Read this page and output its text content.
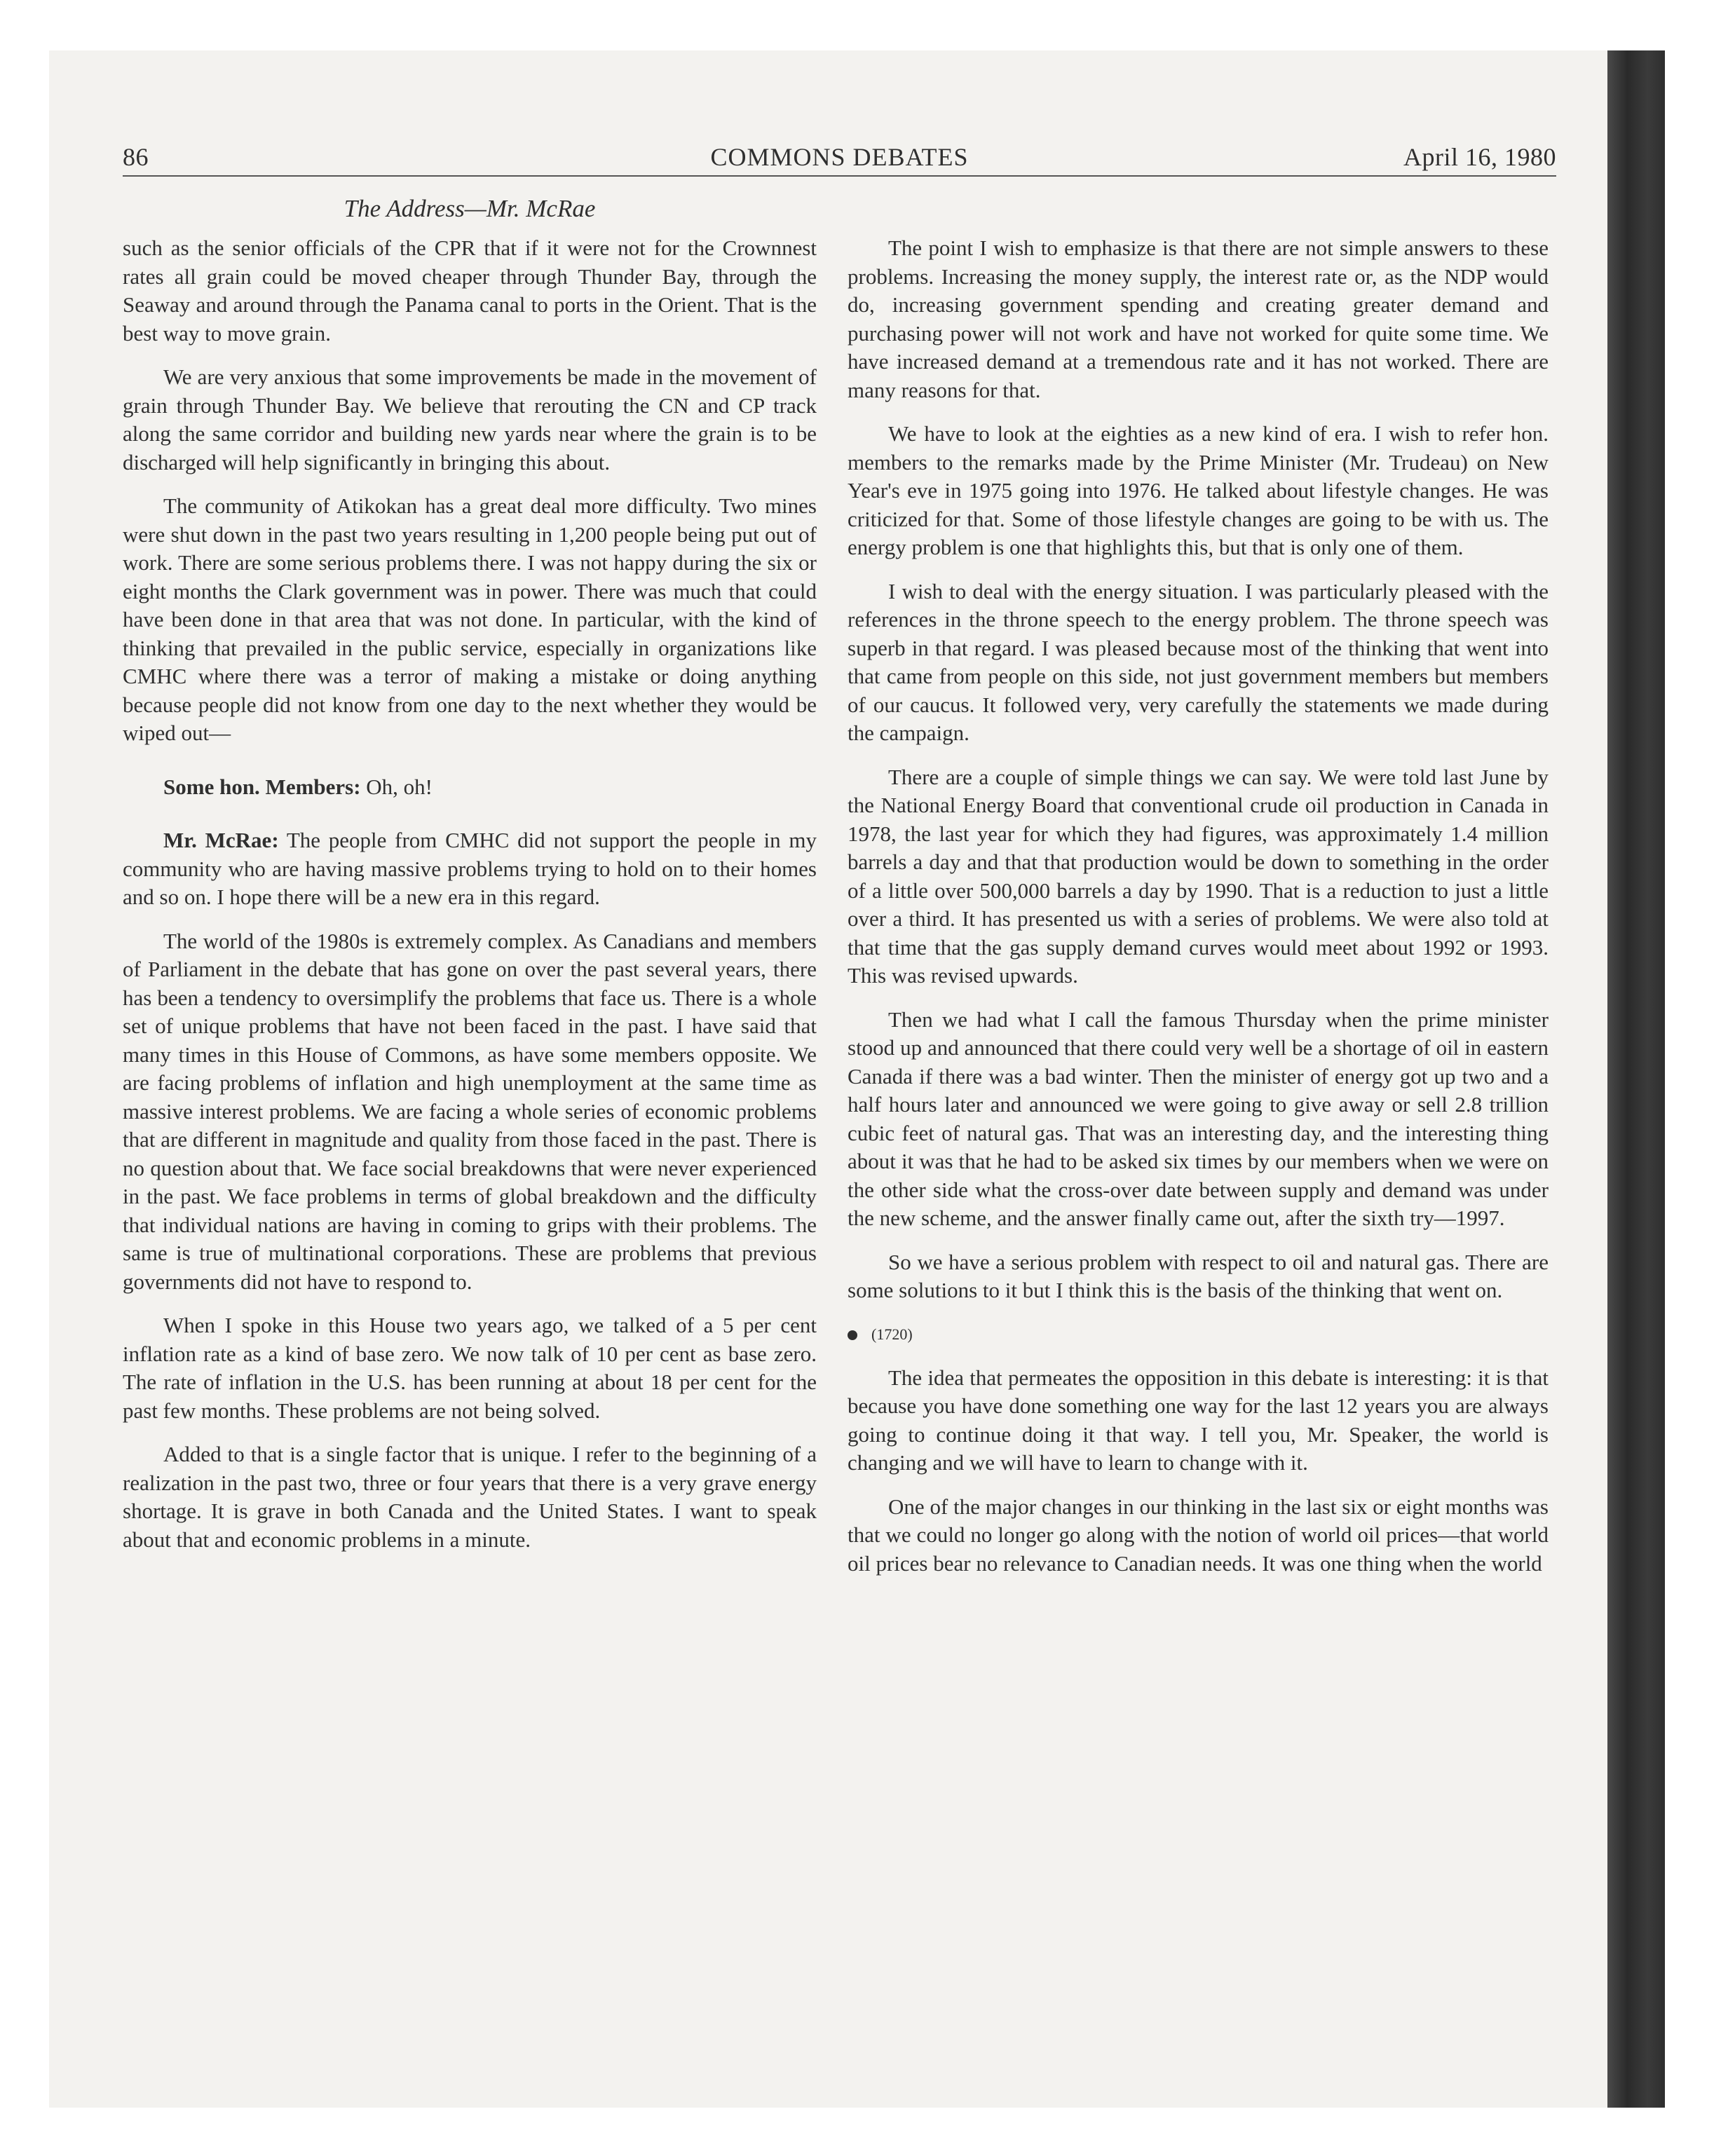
86	COMMONS DEBATES	April 16, 1980
The Address—Mr. McRae

such as the senior officials of the CPR that if it were not for the Crownnest rates all grain could be moved cheaper through Thunder Bay, through the Seaway and around through the Panama canal to ports in the Orient. That is the best way to move grain.

We are very anxious that some improvements be made in the movement of grain through Thunder Bay. We believe that rerouting the CN and CP track along the same corridor and building new yards near where the grain is to be discharged will help significantly in bringing this about.

The community of Atikokan has a great deal more difficulty. Two mines were shut down in the past two years resulting in 1,200 people being put out of work. There are some serious problems there. I was not happy during the six or eight months the Clark government was in power. There was much that could have been done in that area that was not done. In particular, with the kind of thinking that prevailed in the public service, especially in organizations like CMHC where there was a terror of making a mistake or doing anything because people did not know from one day to the next whether they would be wiped out—

Some hon. Members: Oh, oh!

Mr. McRae: The people from CMHC did not support the people in my community who are having massive problems trying to hold on to their homes and so on. I hope there will be a new era in this regard.

The world of the 1980s is extremely complex. As Canadians and members of Parliament in the debate that has gone on over the past several years, there has been a tendency to oversimplify the problems that face us. There is a whole set of unique problems that have not been faced in the past. I have said that many times in this House of Commons, as have some members opposite. We are facing problems of inflation and high unemployment at the same time as massive interest problems. We are facing a whole series of economic problems that are different in magnitude and quality from those faced in the past. There is no question about that. We face social breakdowns that were never experienced in the past. We face problems in terms of global breakdown and the difficulty that individual nations are having in coming to grips with their problems. The same is true of multinational corporations. These are problems that previous governments did not have to respond to.

When I spoke in this House two years ago, we talked of a 5 per cent inflation rate as a kind of base zero. We now talk of 10 per cent as base zero. The rate of inflation in the U.S. has been running at about 18 per cent for the past few months. These problems are not being solved.

Added to that is a single factor that is unique. I refer to the beginning of a realization in the past two, three or four years that there is a very grave energy shortage. It is grave in both Canada and the United States. I want to speak about that and economic problems in a minute.

The point I wish to emphasize is that there are not simple answers to these problems. Increasing the money supply, the interest rate or, as the NDP would do, increasing government spending and creating greater demand and purchasing power will not work and have not worked for quite some time. We have increased demand at a tremendous rate and it has not worked. There are many reasons for that.

We have to look at the eighties as a new kind of era. I wish to refer hon. members to the remarks made by the Prime Minister (Mr. Trudeau) on New Year's eve in 1975 going into 1976. He talked about lifestyle changes. He was criticized for that. Some of those lifestyle changes are going to be with us. The energy problem is one that highlights this, but that is only one of them.

I wish to deal with the energy situation. I was particularly pleased with the references in the throne speech to the energy problem. The throne speech was superb in that regard. I was pleased because most of the thinking that went into that came from people on this side, not just government members but members of our caucus. It followed very, very carefully the statements we made during the campaign.

There are a couple of simple things we can say. We were told last June by the National Energy Board that conventional crude oil production in Canada in 1978, the last year for which they had figures, was approximately 1.4 million barrels a day and that that production would be down to something in the order of a little over 500,000 barrels a day by 1990. That is a reduction to just a little over a third. It has presented us with a series of problems. We were also told at that time that the gas supply demand curves would meet about 1992 or 1993. This was revised upwards.

Then we had what I call the famous Thursday when the prime minister stood up and announced that there could very well be a shortage of oil in eastern Canada if there was a bad winter. Then the minister of energy got up two and a half hours later and announced we were going to give away or sell 2.8 trillion cubic feet of natural gas. That was an interesting day, and the interesting thing about it was that he had to be asked six times by our members when we were on the other side what the cross-over date between supply and demand was under the new scheme, and the answer finally came out, after the sixth try—1997.

So we have a serious problem with respect to oil and natural gas. There are some solutions to it but I think this is the basis of the thinking that went on.

(1720)

The idea that permeates the opposition in this debate is interesting: it is that because you have done something one way for the last 12 years you are always going to continue doing it that way. I tell you, Mr. Speaker, the world is changing and we will have to learn to change with it.

One of the major changes in our thinking in the last six or eight months was that we could no longer go along with the notion of world oil prices—that world oil prices bear no relevance to Canadian needs. It was one thing when the world
